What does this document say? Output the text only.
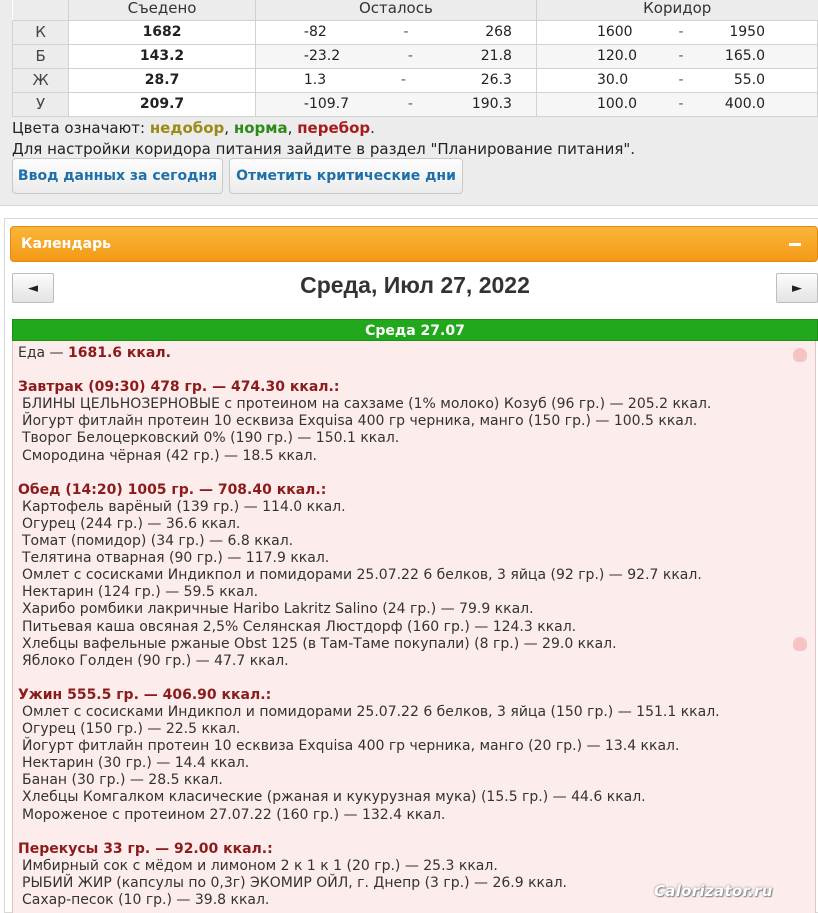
	Съедено	Осталось	Коридор
К	1682	-82 - 268	1600 - 1950

Б	143.2	-23.2 - 21.8	120.0 - 165.0

Ж	28.7	1.3 - 26.3	30.0 - 55.0

У	209.7	-109.7 - 190.3	100.0 - 400.0
Цвета означают: недобор, норма, перебор.
Для настройки коридора питания зайдите в раздел "Планирование питания".
Ввод данных за сегодня	Отметить критические дни
Календарь
◄	Среда, Июл 27, 2022	►
Среда 27.07
Еда — 1681.6 ккал.
Завтрак (09:30) 478 гр. — 474.30 ккал.:
БЛИНЫ ЦЕЛЬНОЗЕРНОВЫЕ с протеином на сахзаме (1% молоко) Козуб (96 гр.) — 205.2 ккал.
Йогурт фитлайн протеин 10 есквиза Exquisa 400 гр черника, манго (150 гр.) — 100.5 ккал.
Творог Белоцерковский 0% (190 гр.) — 150.1 ккал.
Смородина чёрная (42 гр.) — 18.5 ккал.
Обед (14:20) 1005 гр. — 708.40 ккал.:
Картофель варёный (139 гр.) — 114.0 ккал.
Огурец (244 гр.) — 36.6 ккал.
Томат (помидор) (34 гр.) — 6.8 ккал.
Телятина отварная (90 гр.) — 117.9 ккал.
Омлет с сосисками Индикпол и помидорами 25.07.22 6 белков, 3 яйца (92 гр.) — 92.7 ккал.
Нектарин (124 гр.) — 59.5 ккал.
Харибо ромбики лакричные Haribo Lakritz Salino (24 гр.) — 79.9 ккал.
Питьевая каша овсяная 2,5% Селянская Люстдорф (160 гр.) — 124.3 ккал.
Хлебцы вафельные ржаные Obst 125 (в Там-Таме покупали) (8 гр.) — 29.0 ккал.
Яблоко Голден (90 гр.) — 47.7 ккал.
Ужин 555.5 гр. — 406.90 ккал.:
Омлет с сосисками Индикпол и помидорами 25.07.22 6 белков, 3 яйца (150 гр.) — 151.1 ккал.
Огурец (150 гр.) — 22.5 ккал.
Йогурт фитлайн протеин 10 есквиза Exquisa 400 гр черника, манго (20 гр.) — 13.4 ккал.
Нектарин (30 гр.) — 14.4 ккал.
Банан (30 гр.) — 28.5 ккал.
Хлебцы Комгалком класические (ржаная и кукурузная мука) (15.5 гр.) — 44.6 ккал.
Мороженое с протеином 27.07.22 (160 гр.) — 132.4 ккал.
Перекусы 33 гр. — 92.00 ккал.:
Имбирный сок с мёдом и лимоном 2 к 1 к 1 (20 гр.) — 25.3 ккал.
РЫБИЙ ЖИР (капсулы по 0,3г) ЭКОМИР ОЙЛ, г. Днепр (3 гр.) — 26.9 ккал.
Сахар-песок (10 гр.) — 39.8 ккал.	Calorizator.ru
